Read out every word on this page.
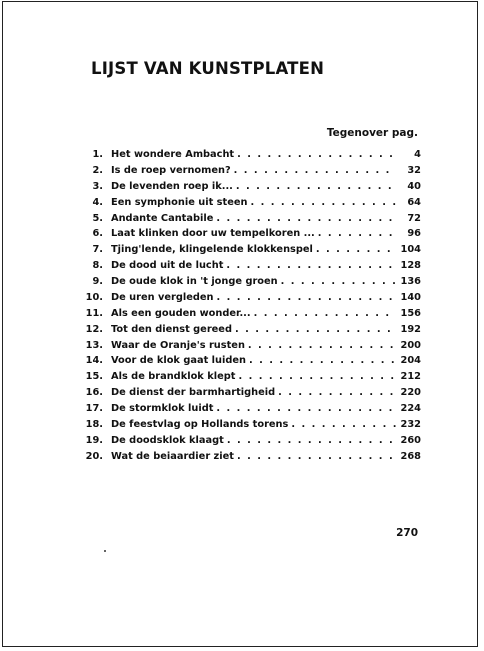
LIJST VAN KUNSTPLATEN
Tegenover pag.
1. Het wondere Ambacht . . .	4
2. Is de roep vernomen? . . .	32
3. De levenden roep ik... . . .	40
4. Een symphonie uit steen . . .	64
5. Andante Cantabile . . .	72
6. Laat klinken door uw tempelkoren ... . . .	96
7. Tjing'lende, klingelende klokkenspel . . .	104
8. De dood uit de lucht . . .	128
9. De oude klok in 't jonge groen . . .	136
10. De uren vergleden . . .	140
11. Als een gouden wonder... . . .	156
12. Tot den dienst gereed . . .	192
13. Waar de Oranje's rusten . . .	200
14. Voor de klok gaat luiden . . .	204
15. Als de brandklok klept . . .	212
16. De dienst der barmhartigheid . . .	220
17. De stormklok luidt . . .	224
18. De feestvlag op Hollands torens . . .	232
19. De doodsklok klaagt . . .	260
20. Wat de beiaardier ziet . . .	268
270
